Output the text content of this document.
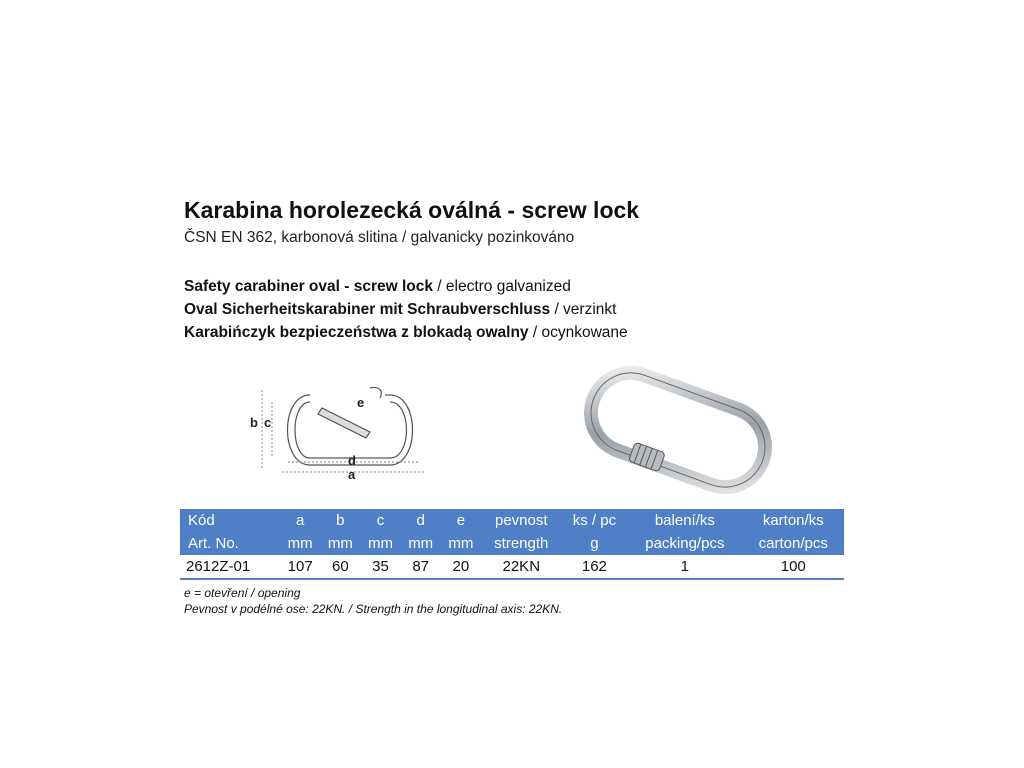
Karabina horolezecká oválná - screw lock

ČSN EN 362, karbonová slitina / galvanicky pozinkováno

Safety carabiner oval - screw lock / electro galvanized
Oval Sicherheitskarabiner mit Schraubverschluss / verzinkt
Karabińczyk bezpieczeństwa z blokadą owalny / ocynkowane
b c
e
d
a
Kód	a	b	c	d	e	pevnost	ks / pc	balení/ks	karton/ks
Art. No.	mm	mm	mm	mm	mm	strength	g	packing/pcs	carton/pcs
2612Z-01	107	60	35	87	20	22KN	162	1	100
e = otevření / opening
Pevnost v podélné ose: 22KN. / Strength in the longitudinal axis: 22KN.
